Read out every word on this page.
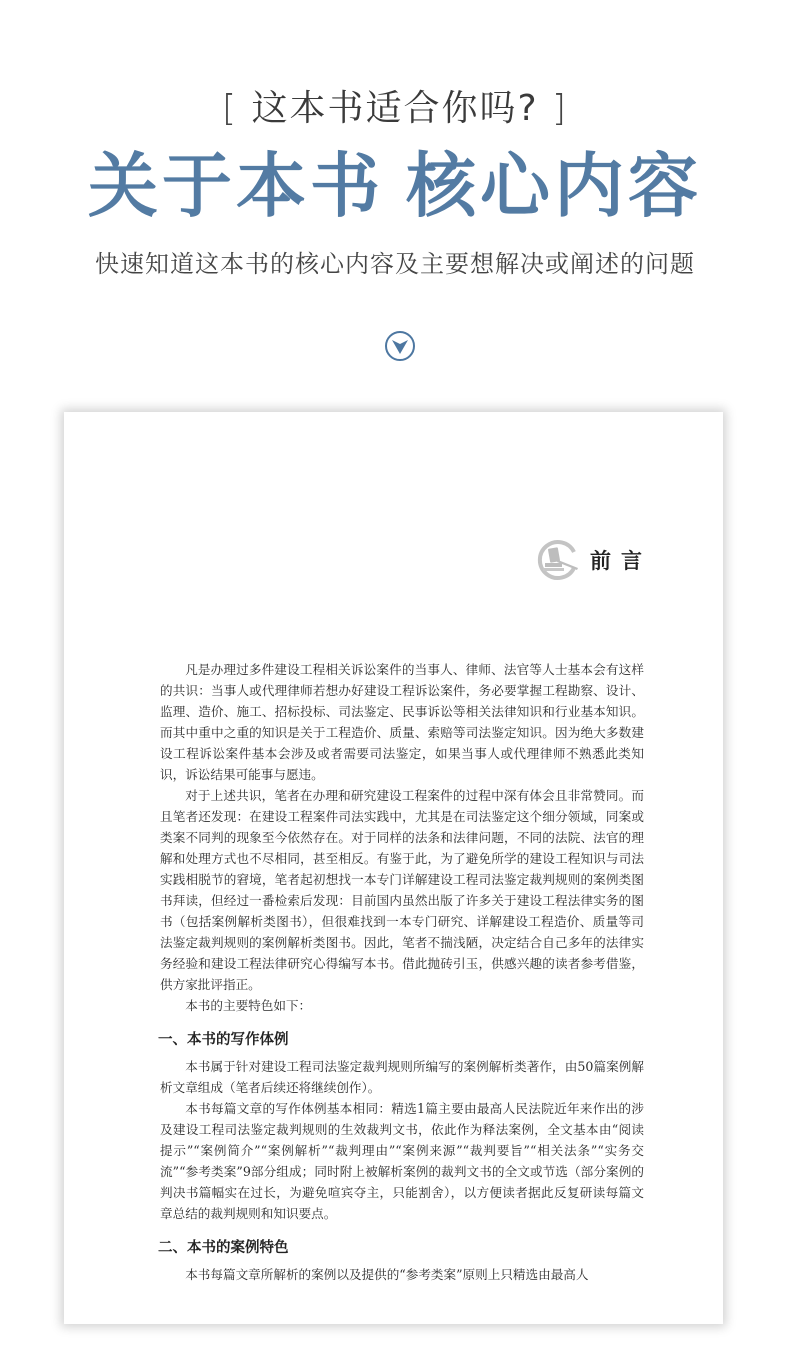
[ 这本书适合你吗? ]
关于本书 核心内容
快速知道这本书的核心内容及主要想解决或阐述的问题
前言

凡是办理过多件建设工程相关诉讼案件的当事人、律师、法官等人士基本会有这样的共识：当事人或代理律师若想办好建设工程诉讼案件，务必要掌握工程勘察、设计、监理、造价、施工、招标投标、司法鉴定、民事诉讼等相关法律知识和行业基本知识。而其中重中之重的知识是关于工程造价、质量、索赔等司法鉴定知识。因为绝大多数建设工程诉讼案件基本会涉及或者需要司法鉴定，如果当事人或代理律师不熟悉此类知识，诉讼结果可能事与愿违。

对于上述共识，笔者在办理和研究建设工程案件的过程中深有体会且非常赞同。而且笔者还发现：在建设工程案件司法实践中，尤其是在司法鉴定这个细分领域，同案或类案不同判的现象至今依然存在。对于同样的法条和法律问题，不同的法院、法官的理解和处理方式也不尽相同，甚至相反。有鉴于此，为了避免所学的建设工程知识与司法实践相脱节的窘境，笔者起初想找一本专门详解建设工程司法鉴定裁判规则的案例类图书拜读，但经过一番检索后发现：目前国内虽然出版了许多关于建设工程法律实务的图书（包括案例解析类图书），但很难找到一本专门研究、详解建设工程造价、质量等司法鉴定裁判规则的案例解析类图书。因此，笔者不揣浅陋，决定结合自己多年的法律实务经验和建设工程法律研究心得编写本书。借此抛砖引玉，供感兴趣的读者参考借鉴，供方家批评指正。

本书的主要特色如下：

一、本书的写作体例

本书属于针对建设工程司法鉴定裁判规则所编写的案例解析类著作，由50篇案例解析文章组成（笔者后续还将继续创作）。

本书每篇文章的写作体例基本相同：精选1篇主要由最高人民法院近年来作出的涉及建设工程司法鉴定裁判规则的生效裁判文书，依此作为释法案例，全文基本由“阅读提示”“案例简介”“案例解析”“裁判理由”“案例来源”“裁判要旨”“相关法条”“实务交流”“参考类案”9部分组成；同时附上被解析案例的裁判文书的全文或节选（部分案例的判决书篇幅实在过长，为避免喧宾夺主，只能割舍），以方便读者据此反复研读每篇文章总结的裁判规则和知识要点。

二、本书的案例特色

本书每篇文章所解析的案例以及提供的“参考类案”原则上只精选由最高人
